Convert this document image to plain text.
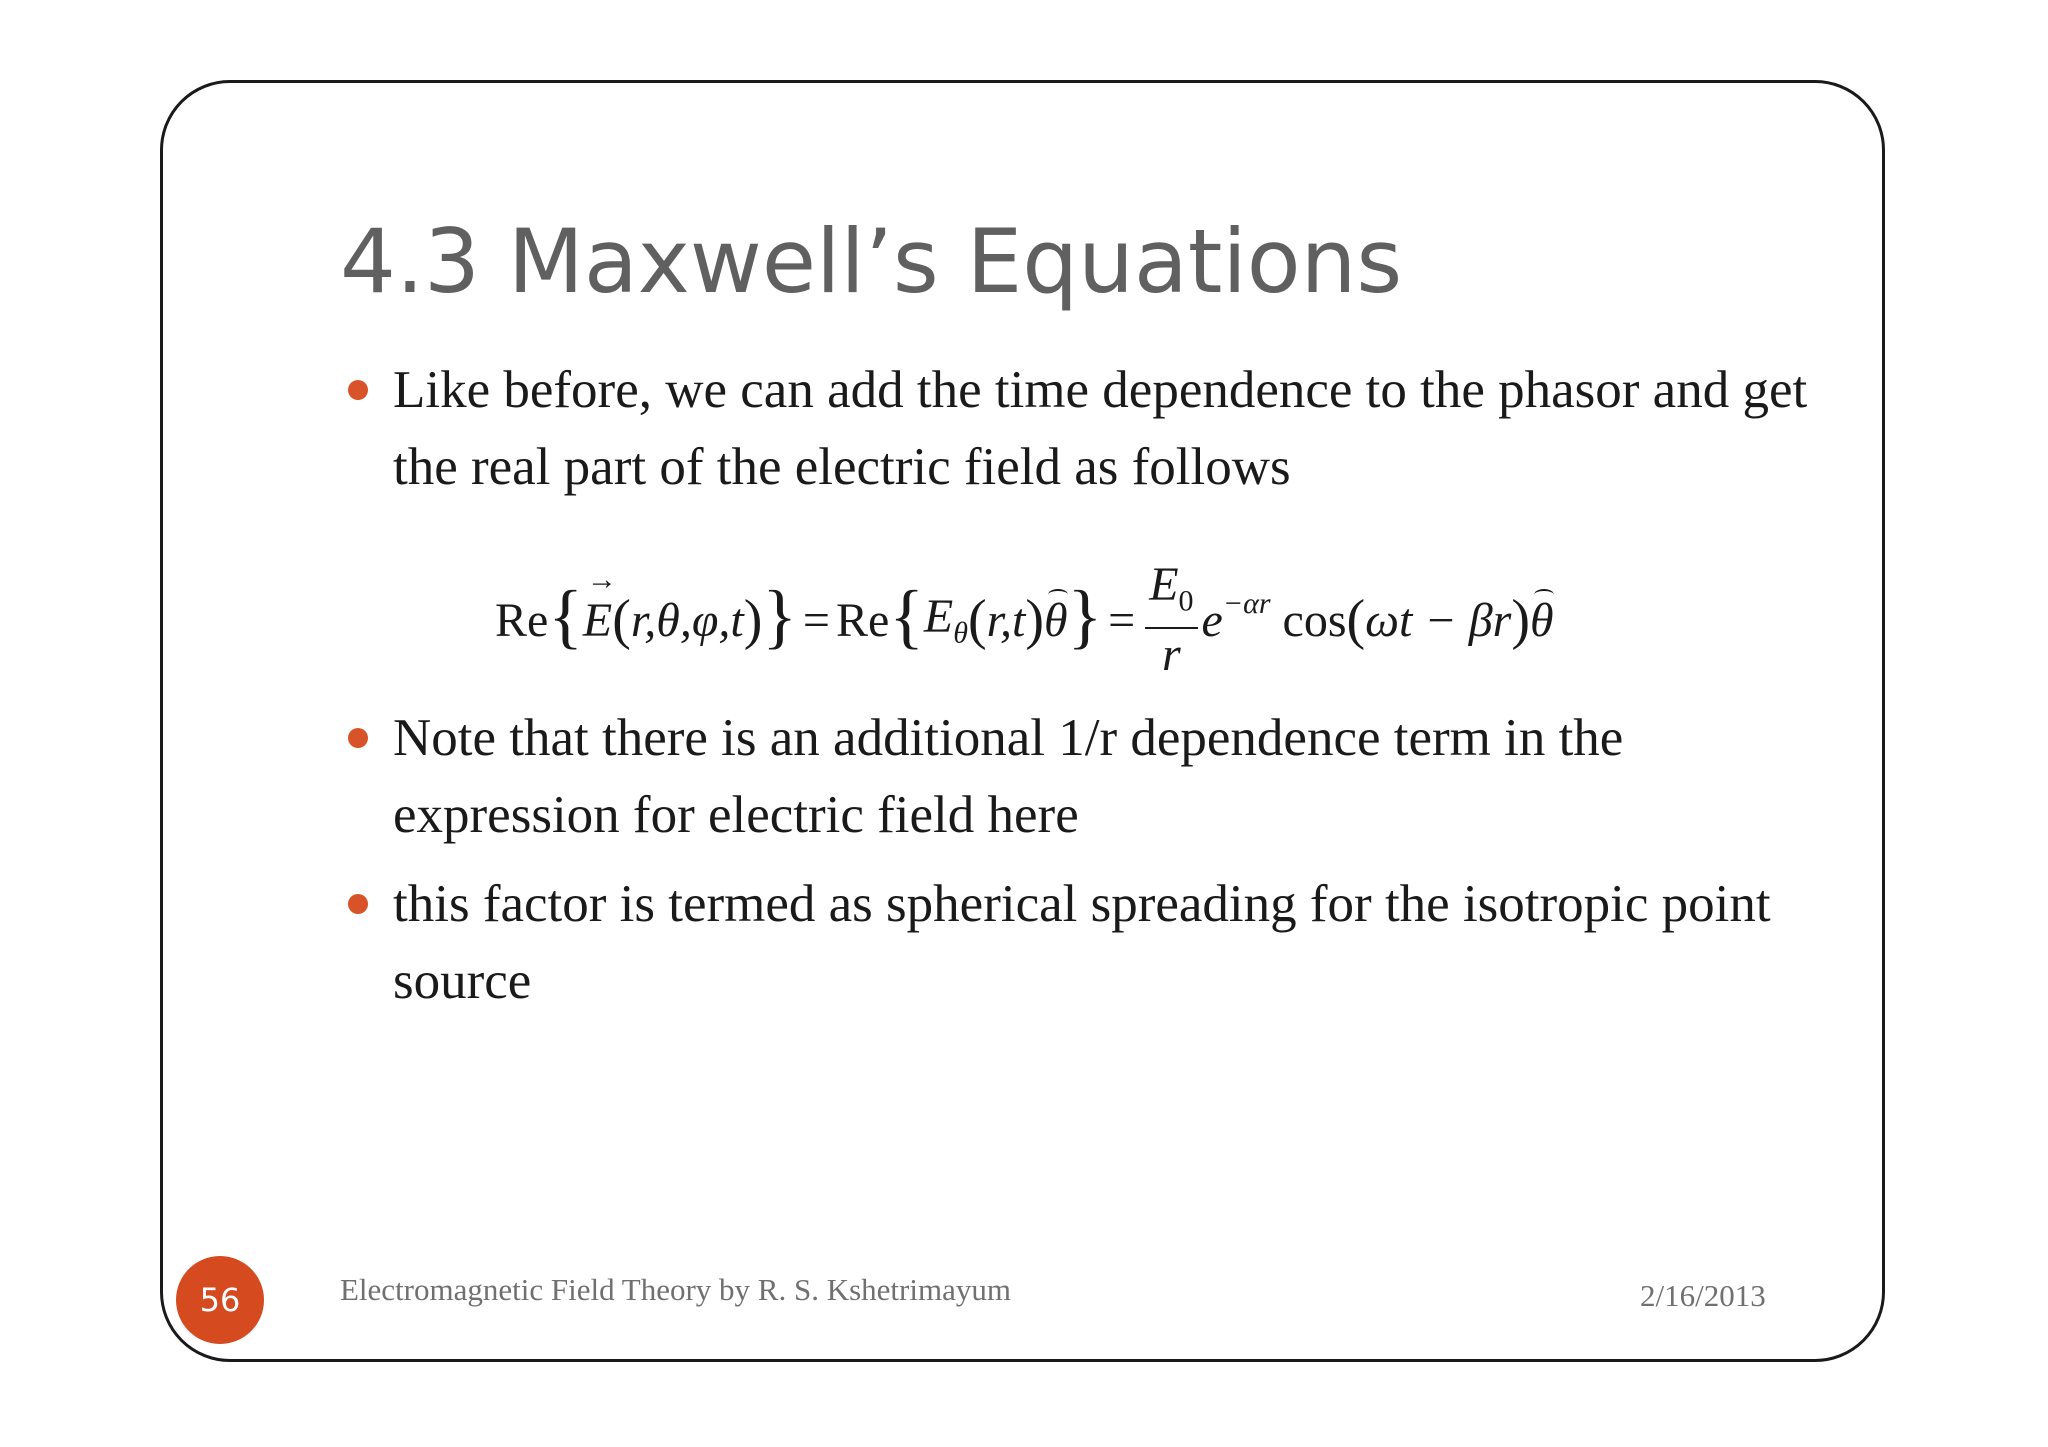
4.3 Maxwell’s Equations
Like before, we can add the time dependence to the phasor and get the real part of the electric field as follows
Re {
→ E ( r,θ,φ,t ) } = Re { $E_\theta$ ( r,t ) θ } = $\frac{E_0}{r}$ e $^{-\alpha r}$ cos ( ωt − βr ) θ
Note that there is an additional 1/r dependence term in the expression for electric field here
this factor is termed as spherical spreading for the isotropic point source
56	Electromagnetic Field Theory by R. S. Kshetrimayum	2/16/2013
